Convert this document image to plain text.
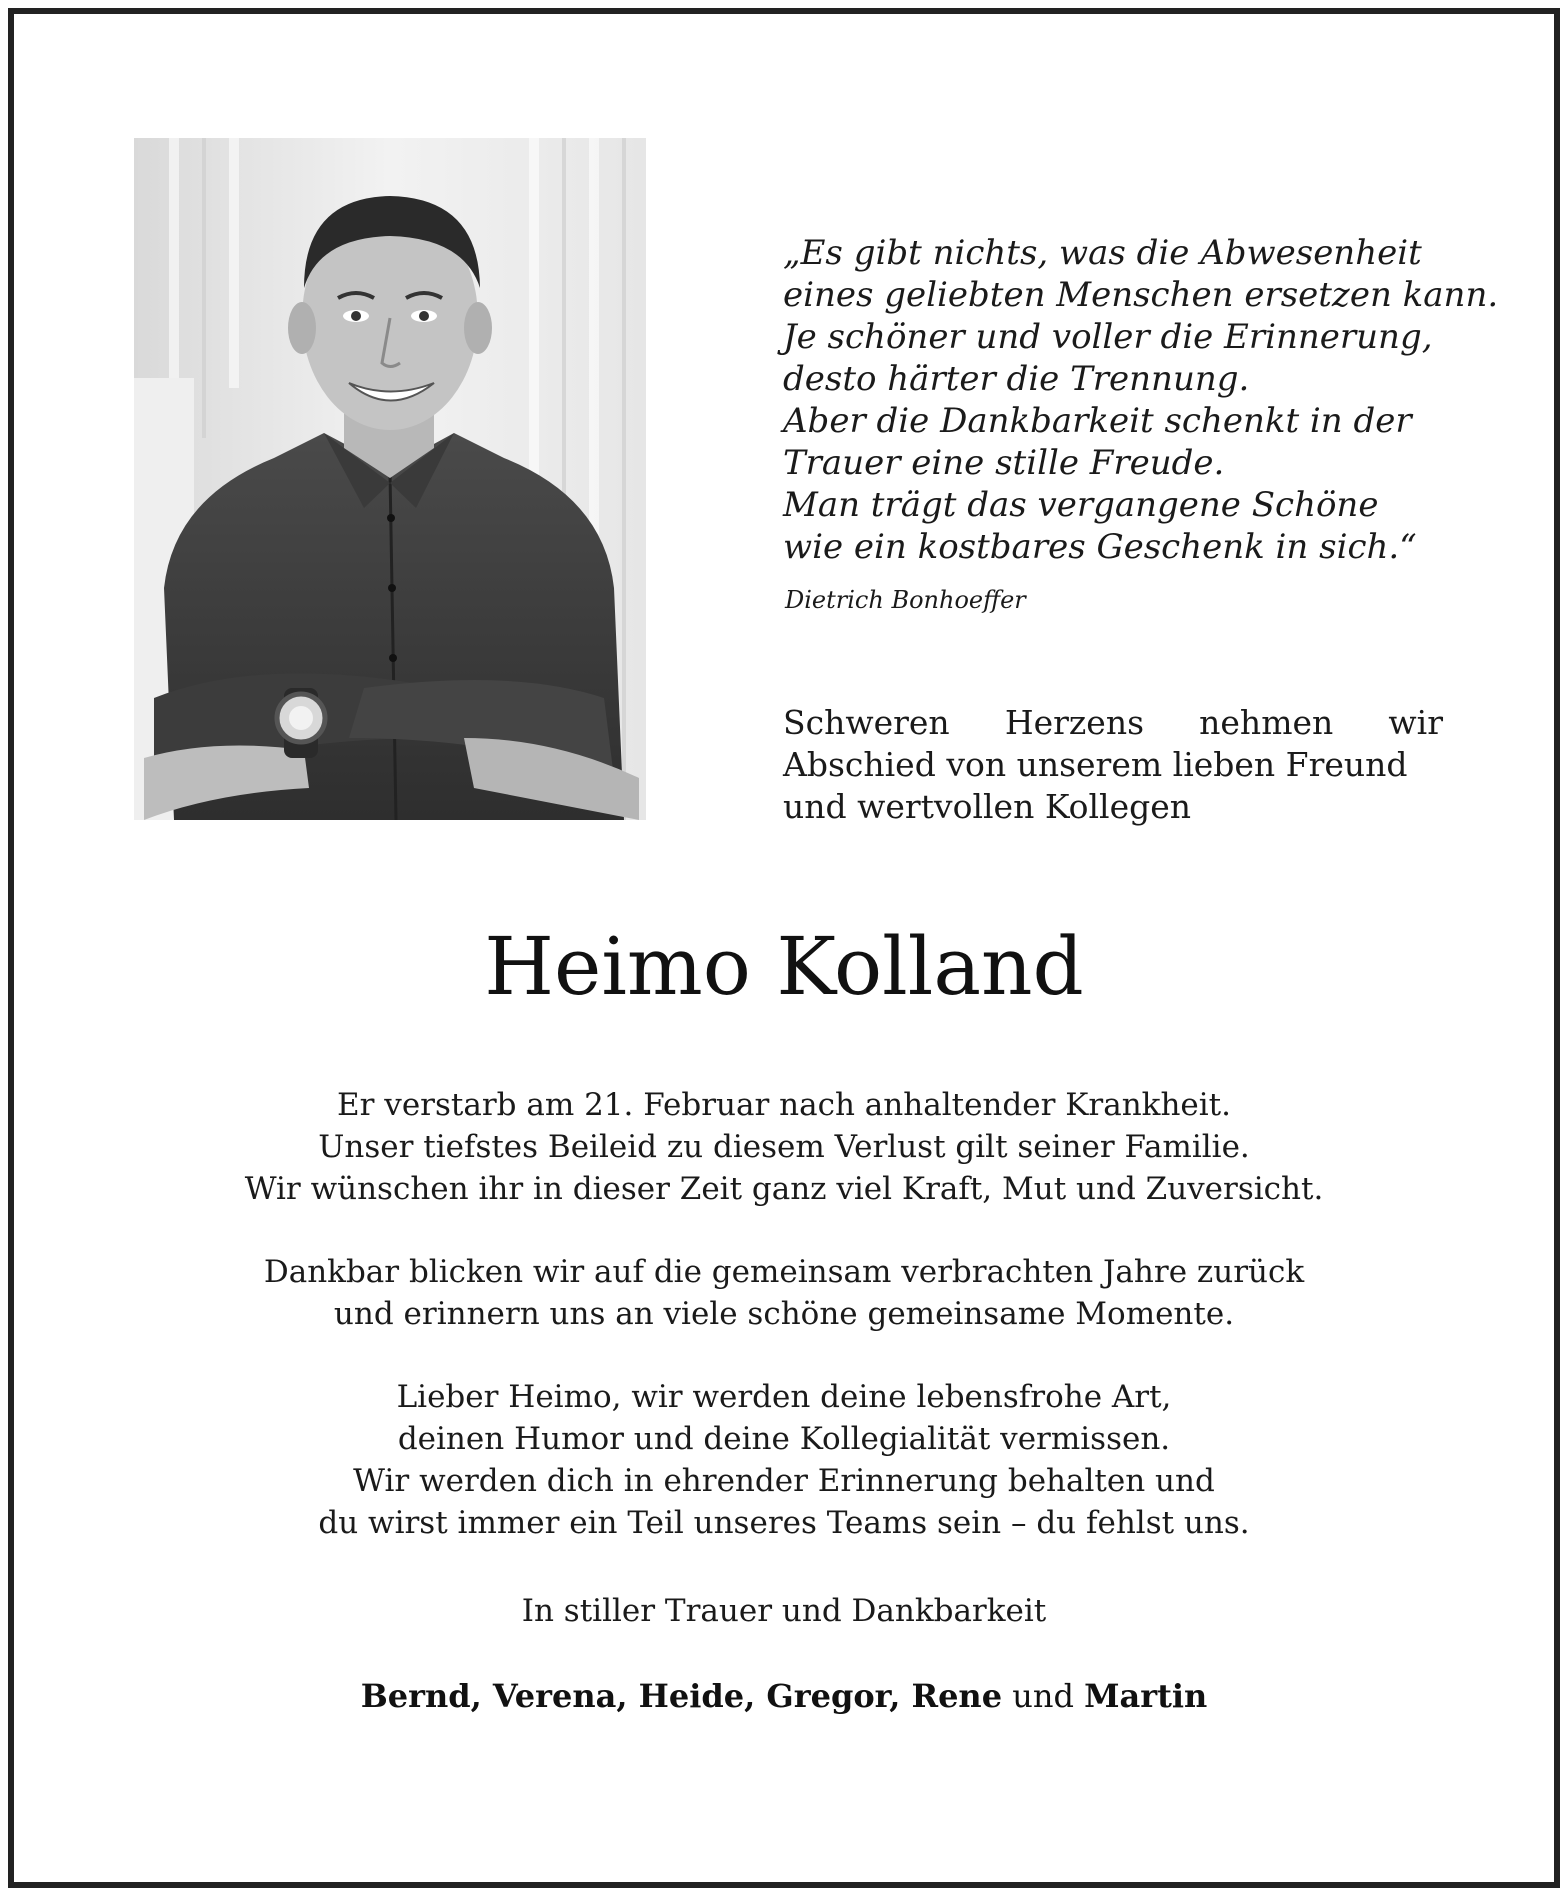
„Es gibt nichts, was die Abwesenheit
eines geliebten Menschen ersetzen kann.
Je schöner und voller die Erinnerung,
desto härter die Trennung.
Aber die Dankbarkeit schenkt in der
Trauer eine stille Freude.
Man trägt das vergangene Schöne
wie ein kostbares Geschenk in sich.“
Dietrich Bonhoeffer
Schweren Herzens nehmen wir
Abschied von unserem lieben Freund
und wertvollen Kollegen
Heimo Kolland
Er verstarb am 21. Februar nach anhaltender Krankheit.
Unser tiefstes Beileid zu diesem Verlust gilt seiner Familie.
Wir wünschen ihr in dieser Zeit ganz viel Kraft, Mut und Zuversicht.
Dankbar blicken wir auf die gemeinsam verbrachten Jahre zurück
und erinnern uns an viele schöne gemeinsame Momente.
Lieber Heimo, wir werden deine lebensfrohe Art,
deinen Humor und deine Kollegialität vermissen.
Wir werden dich in ehrender Erinnerung behalten und
du wirst immer ein Teil unseres Teams sein – du fehlst uns.
In stiller Trauer und Dankbarkeit
Bernd, Verena, Heide, Gregor, Rene und Martin
